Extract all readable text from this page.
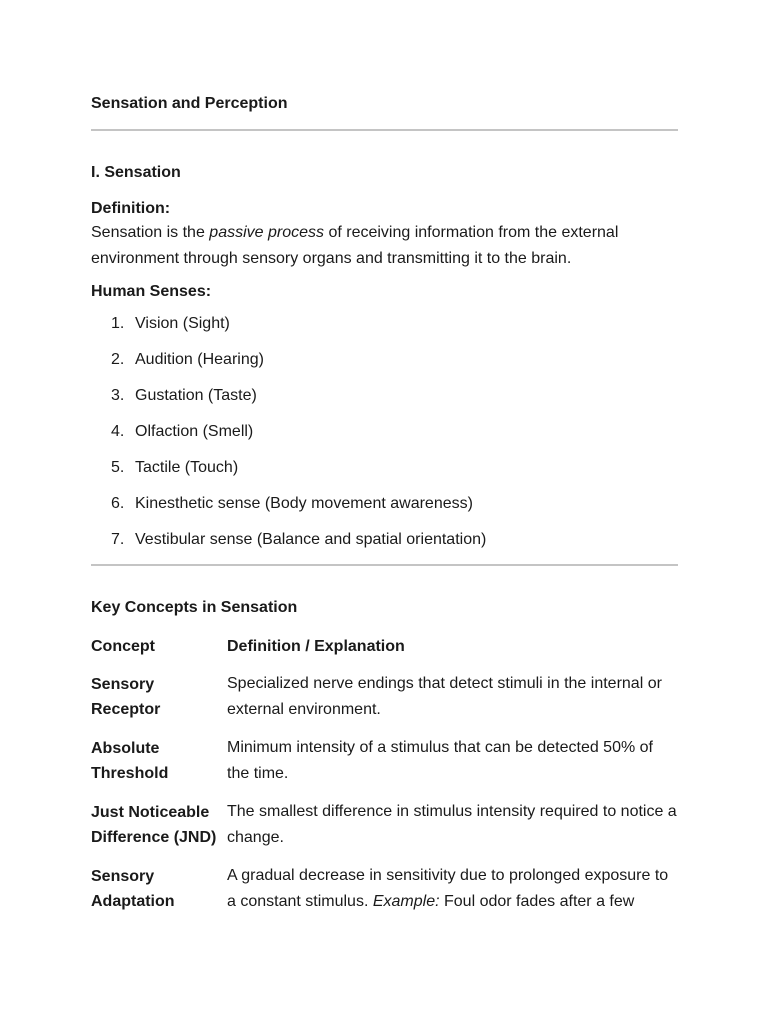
Sensation and Perception

I. Sensation

Definition:

Sensation is the passive process of receiving information from the external environment through sensory organs and transmitting it to the brain.

Human Senses:

1. Vision (Sight)
2. Audition (Hearing)
3. Gustation (Taste)
4. Olfaction (Smell)
5. Tactile (Touch)
6. Kinesthetic sense (Body movement awareness)
7. Vestibular sense (Balance and spatial orientation)

Key Concepts in Sensation

Concept	Definition / Explanation
Sensory Receptor	Specialized nerve endings that detect stimuli in the internal or external environment.
Absolute Threshold	Minimum intensity of a stimulus that can be detected 50% of the time.
Just Noticeable Difference (JND)	The smallest difference in stimulus intensity required to notice a change.
Sensory Adaptation	A gradual decrease in sensitivity due to prolonged exposure to a constant stimulus. Example: Foul odor fades after a few
